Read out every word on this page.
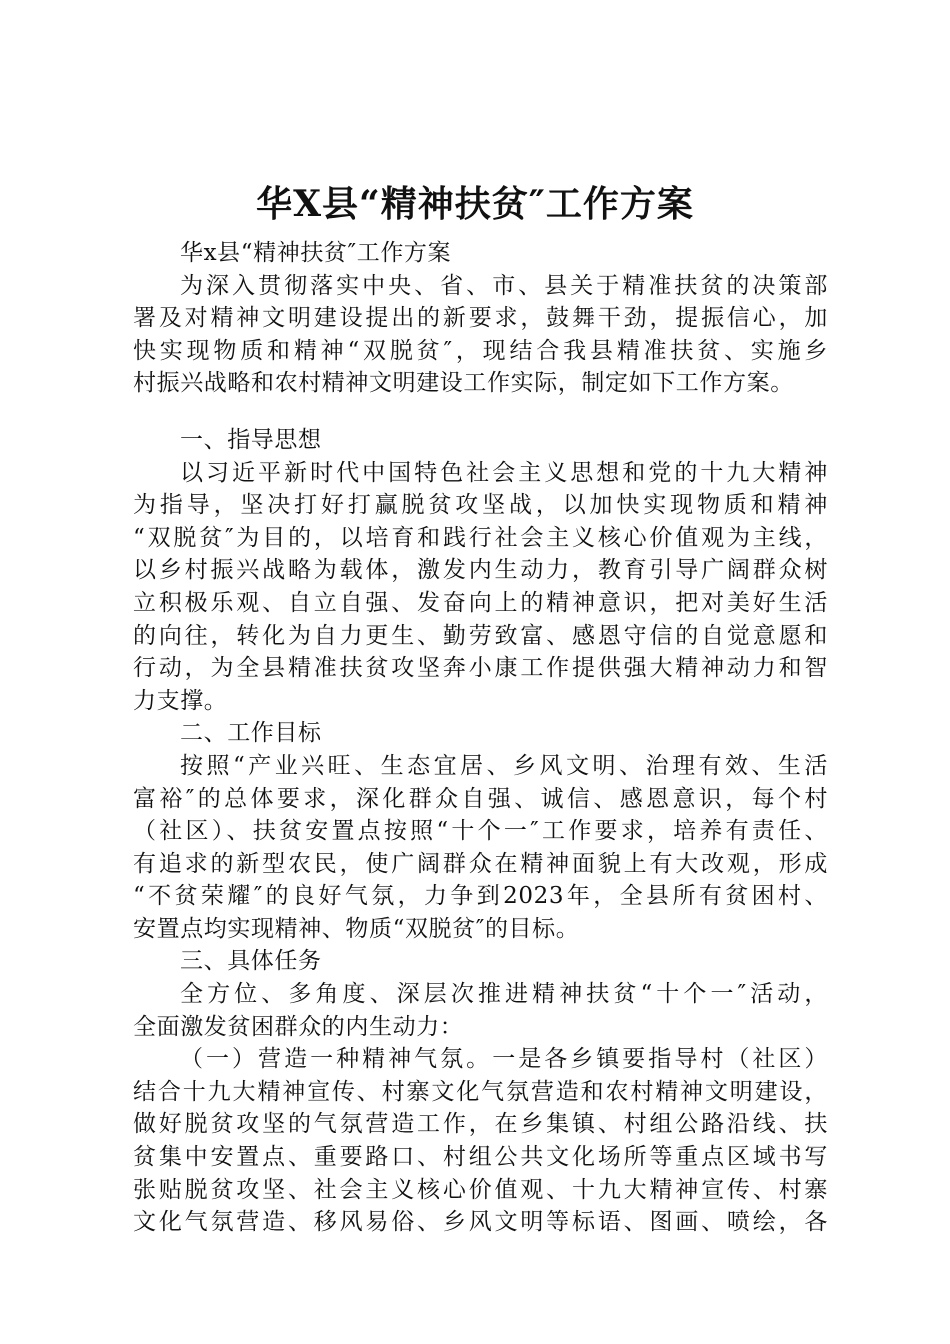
华X县“精神扶贫″工作方案
华x县“精神扶贫″工作方案
为深入贯彻落实中央、省、市、县关于精准扶贫的决策部
署及对精神文明建设提出的新要求，鼓舞干劲，提振信心，加
快实现物质和精神“双脱贫″，现结合我县精准扶贫、实施乡
村振兴战略和农村精神文明建设工作实际，制定如下工作方案。
一、指导思想
以习近平新时代中国特色社会主义思想和党的十九大精神
为指导，坚决打好打赢脱贫攻坚战，以加快实现物质和精神
“双脱贫″为目的，以培育和践行社会主义核心价值观为主线，
以乡村振兴战略为载体，激发内生动力，教育引导广阔群众树
立积极乐观、自立自强、发奋向上的精神意识，把对美好生活
的向往，转化为自力更生、勤劳致富、感恩守信的自觉意愿和
行动，为全县精准扶贫攻坚奔小康工作提供强大精神动力和智
力支撑。
二、工作目标
按照“产业兴旺、生态宜居、乡风文明、治理有效、生活
富裕″的总体要求，深化群众自强、诚信、感恩意识，每个村
（社区）、扶贫安置点按照“十个一″工作要求，培养有责任、
有追求的新型农民，使广阔群众在精神面貌上有大改观，形成
“不贫荣耀″的良好气氛，力争到2023年，全县所有贫困村、
安置点均实现精神、物质“双脱贫″的目标。
三、具体任务
全方位、多角度、深层次推进精神扶贫“十个一″活动，
全面激发贫困群众的内生动力：
（一）营造一种精神气氛。一是各乡镇要指导村（社区）
结合十九大精神宣传、村寨文化气氛营造和农村精神文明建设，
做好脱贫攻坚的气氛营造工作，在乡集镇、村组公路沿线、扶
贫集中安置点、重要路口、村组公共文化场所等重点区域书写
张贴脱贫攻坚、社会主义核心价值观、十九大精神宣传、村寨
文化气氛营造、移风易俗、乡风文明等标语、图画、喷绘，各
